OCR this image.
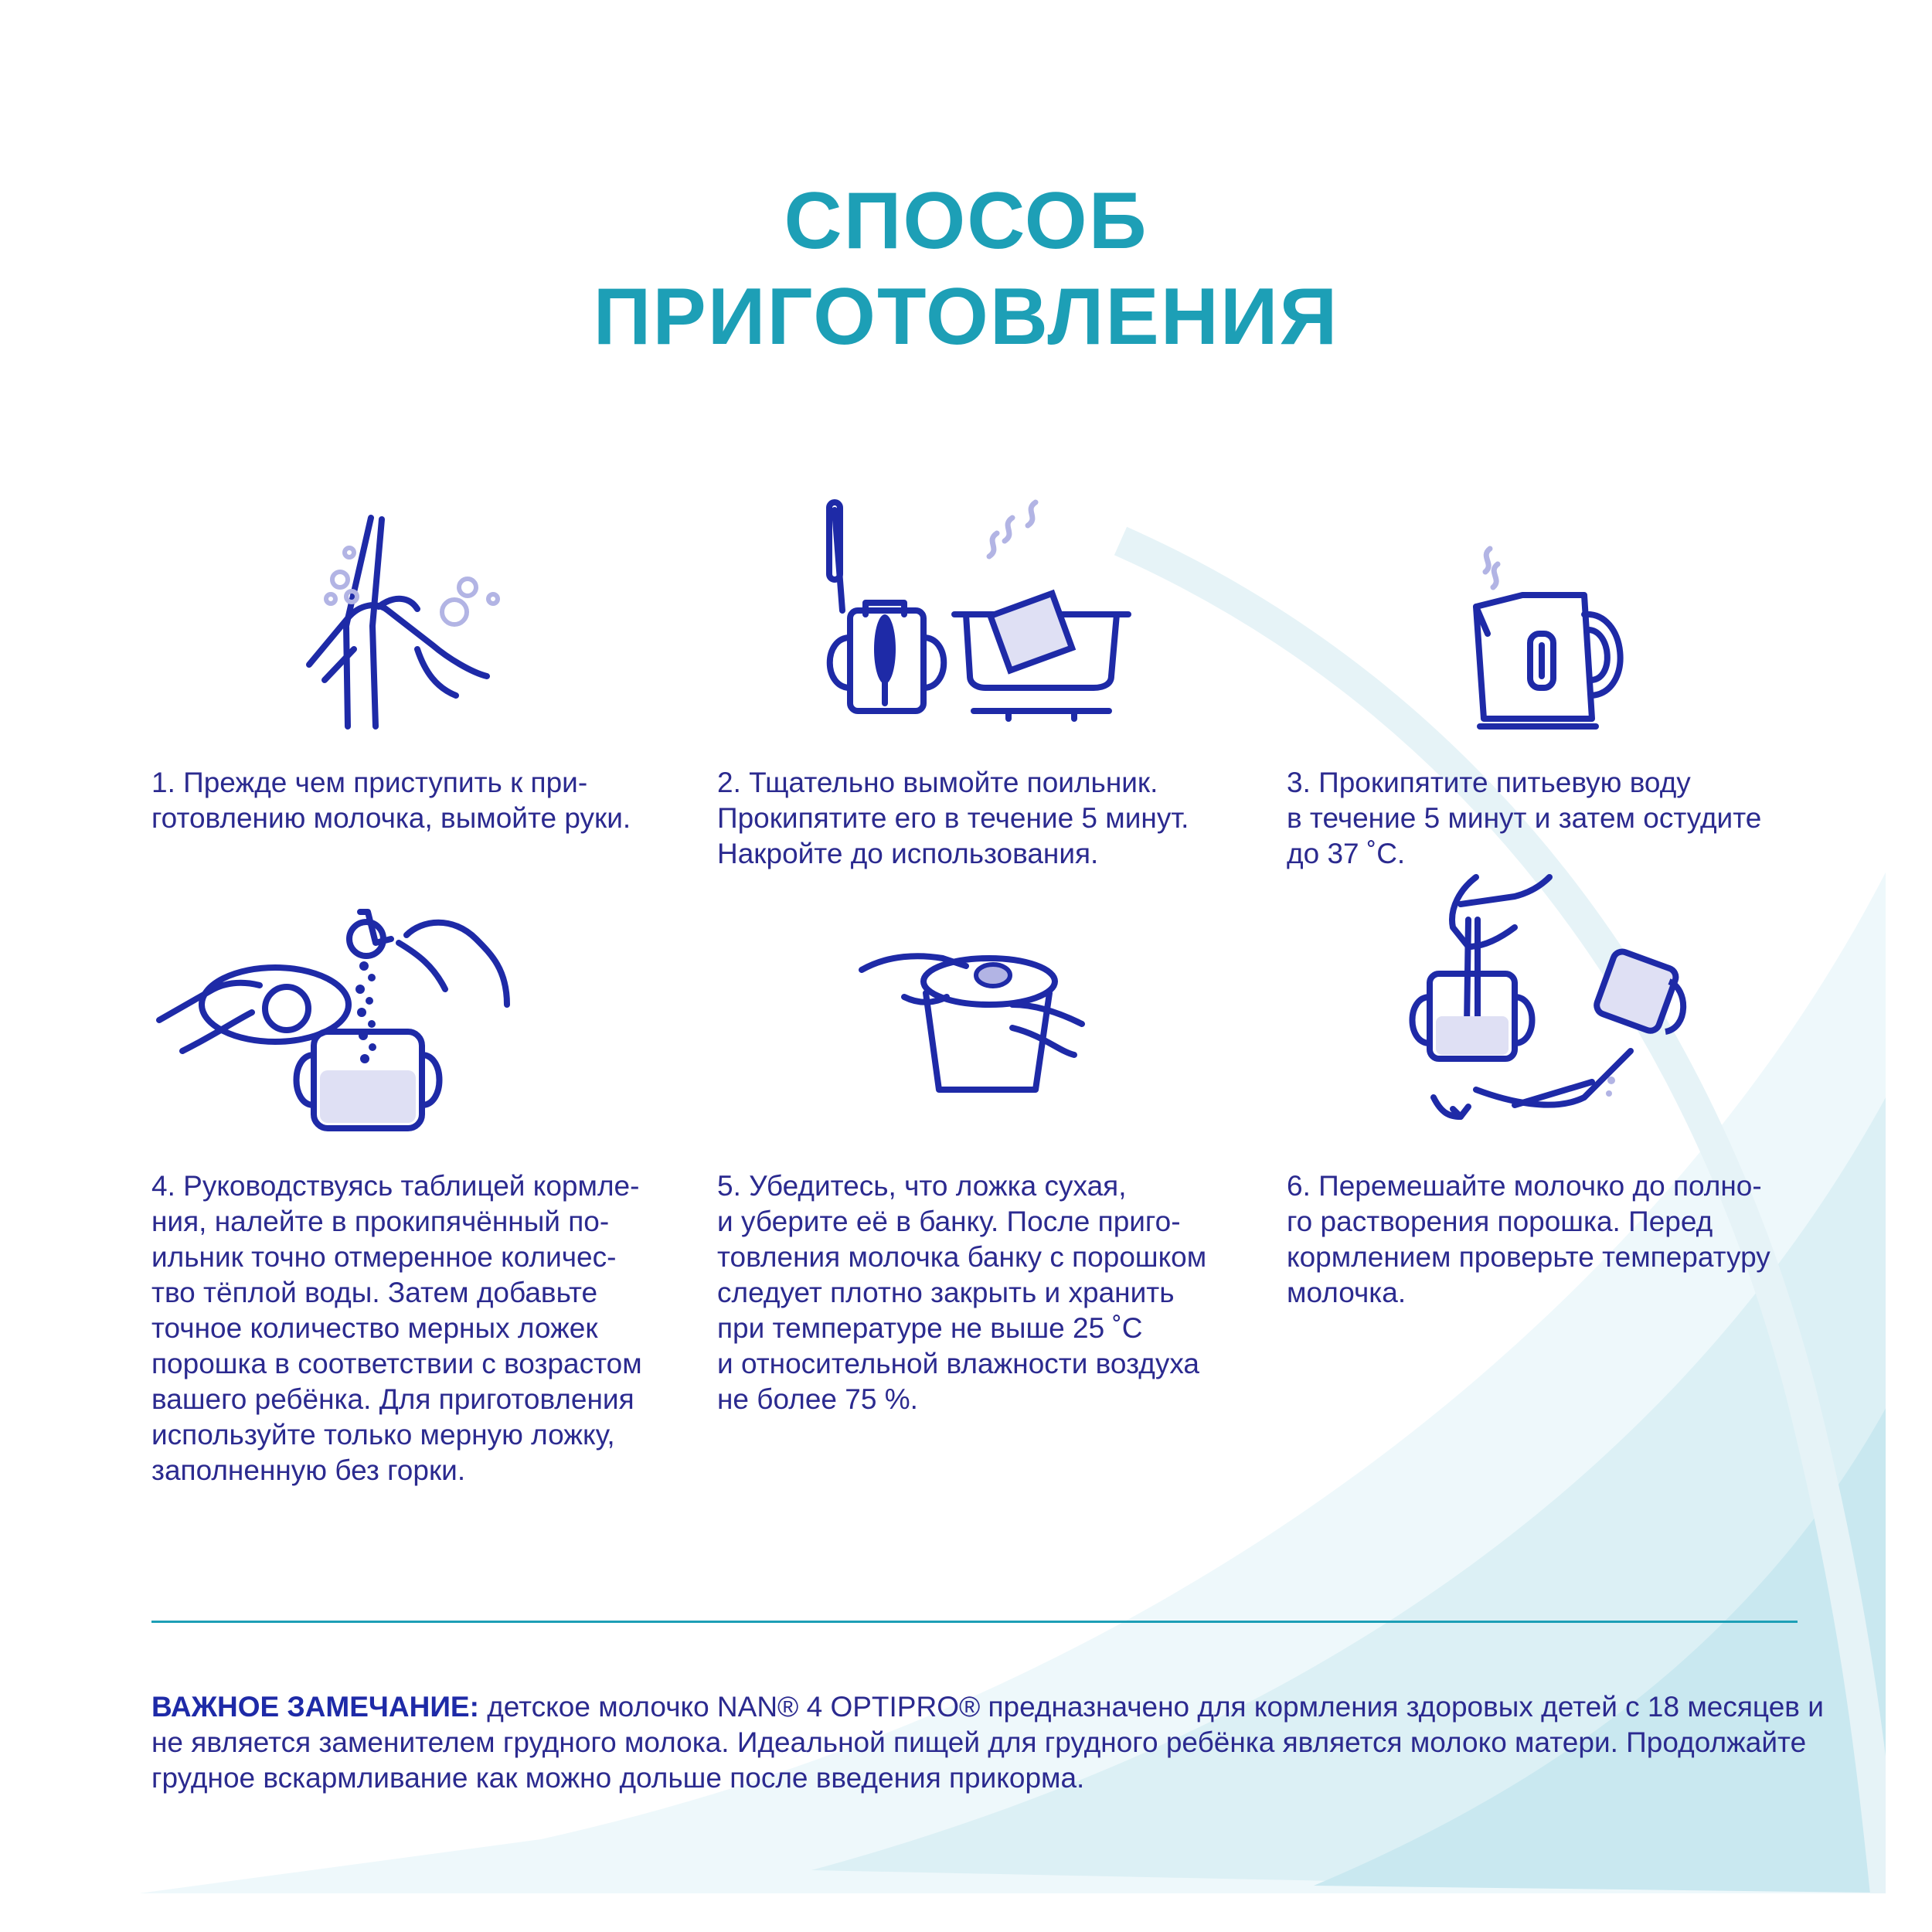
СПОСОБ
ПРИГОТОВЛЕНИЯ
1. Прежде чем приступить к при-
готовлению молочка, вымойте руки.
2. Тщательно вымойте поильник.
Прокипятите его в течение 5 минут.
Накройте до использования.
3. Прокипятите питьевую воду
в течение 5 минут и затем остудите
до 37 ˚С.
4. Руководствуясь таблицей кормле-
ния, налейте в прокипячённый по-
ильник точно отмеренное количес-
тво тёплой воды. Затем добавьте
точное количество мерных ложек
порошка в соответствии с возрастом
вашего ребёнка. Для приготовления
используйте только мерную ложку,
заполненную без горки.
5. Убедитесь, что ложка сухая,
и уберите её в банку. После приго-
товления молочка банку с порошком
следует плотно закрыть и хранить
при температуре не выше 25 ˚С
и относительной влажности воздуха
не более 75 %.
6. Перемешайте молочко до полно-
го растворения порошка. Перед
кормлением проверьте температуру
молочка.
ВАЖНОЕ ЗАМЕЧАНИЕ: детское молочко NAN® 4 OPTIPRO® предназначено для кормления здоровых детей с 18 месяцев и не является заменителем грудного молока. Идеальной пищей для грудного ребёнка является молоко матери. Продолжайте грудное вскармливание как можно дольше после введения прикорма.
